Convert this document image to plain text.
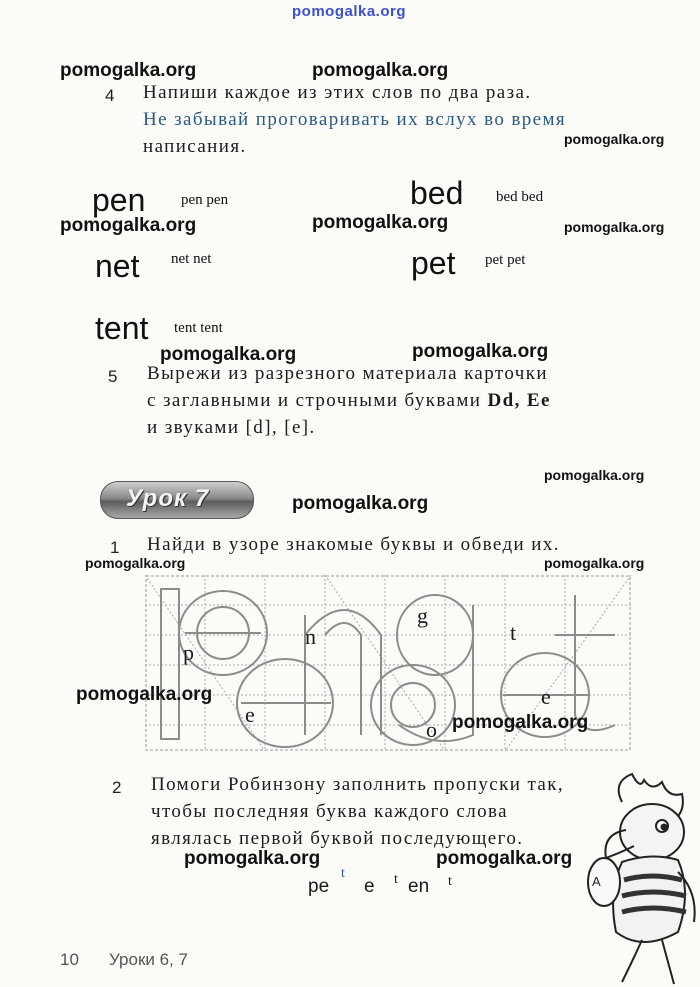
pomogalka.org
pomogalka.org	pomogalka.org
4 Напиши каждое из этих слов по два раза.
Не забывай проговаривать их вслух во время
написания.	pomogalka.org
pen pen pen	bed bed bed
pomogalka.org	pomogalka.org	pomogalka.org
net net net	pet pet pet
tent tent tent
pomogalka.org	pomogalka.org
5 Вырежи из разрезного материала карточки
с заглавными и строчными буквами Dd, Ee
и звуками [d], [e].
pomogalka.org
Урок 7	pomogalka.org
1 Найди в узоре знакомые буквы и обведи их.
pomogalka.org	pomogalka.org
g
t
p
n
e
o
e
pomogalka.org
pomogalka.org
2 Помоги Робинзону заполнить пропуски так,
чтобы последняя буква каждого слова
являлась первой буквой последующего.
pomogalka.org	pomogalka.org
pe
t
e t en t	A
10 Уроки 6, 7
